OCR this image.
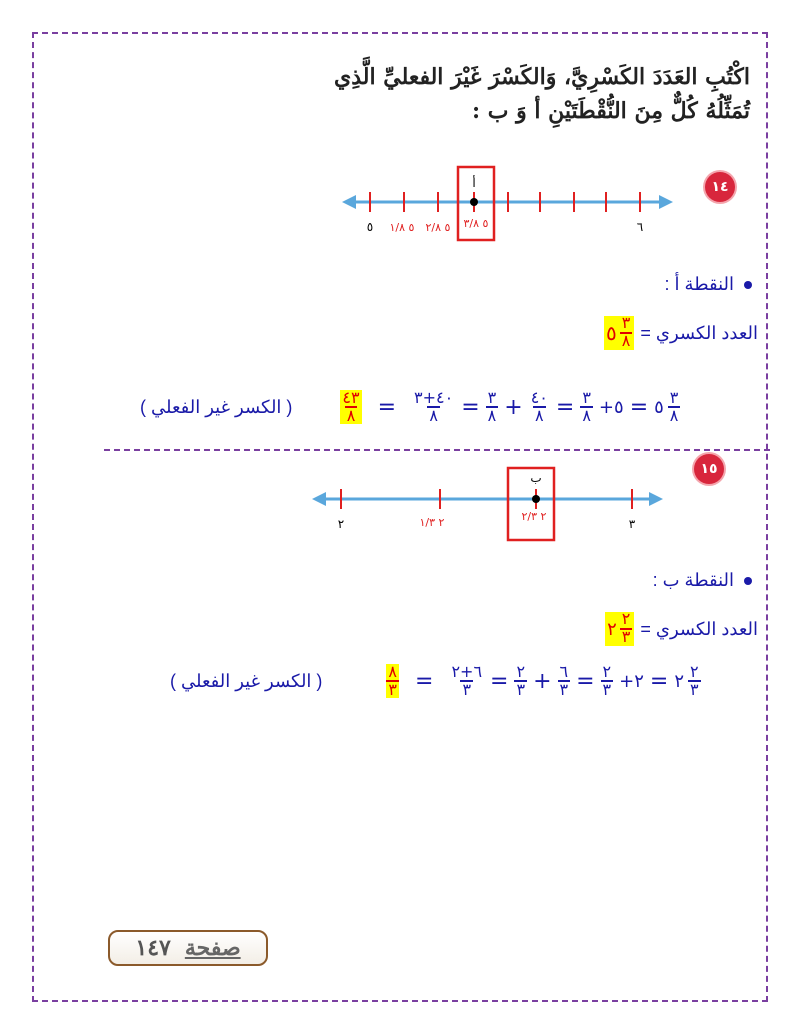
اكْتُبِ العَدَدَ الكَسْرِيَّ، وَالكَسْرَ غَيْرَ الفعليِّ الَّذِي
تُمَثِّلُهُ كُلٌّ مِنَ النُّقْطَتَيْنِ أ وَ ب :
١٤
أ
٥	٦
٥ ١/٨ ٥ ٢/٨ ٥ ٣/٨
النقطة أ :
العدد الكسري =
٥ $\frac{٣}{٨}$
( الكسر غير الفعلي )	$\frac{٤٣}{٨} = \frac{٤٠+٣}{٨} = \frac{٣}{٨} + \frac{٤٠}{٨} = \frac{٣}{٨}$ +٥ = ٥ $\frac{٣}{٨}$
١٥
ب
٢	٣
٢ ١/٣	٢ ٢/٣
النقطة ب :
العدد الكسري =
٢ $\frac{٢}{٣}$
( الكسر غير الفعلي )	$\frac{٨}{٣} = \frac{٦+٢}{٣} = \frac{٢}{٣} + \frac{٦}{٣} = \frac{٢}{٣}$ +٢ = ٢ $\frac{٢}{٣}$
صفحة
١٤٧
